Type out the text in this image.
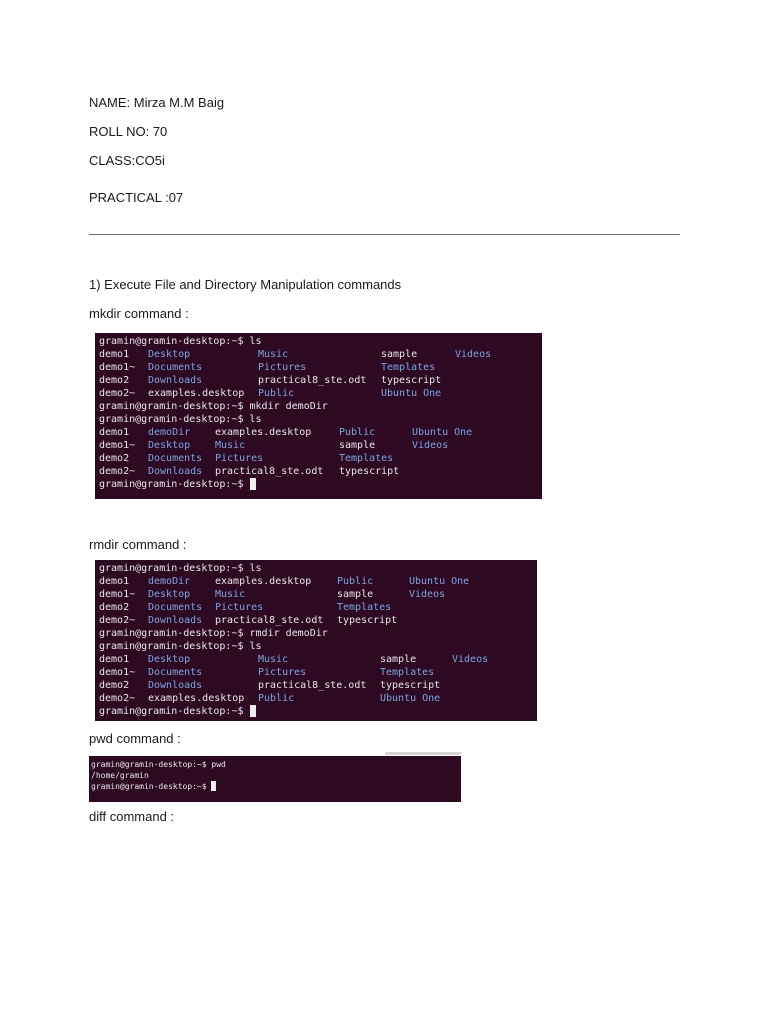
NAME: Mirza M.M Baig

ROLL NO: 70

CLASS:CO5i

PRACTICAL :07

1) Execute File and Directory Manipulation commands

mkdir command :

gramin@gramin-desktop:~$ ls
demo1 Desktop	Music	sample	Videos
demo1~ Documents	Pictures	Templates
demo2 Downloads	practical8_ste.odt typescript
demo2~ examples.desktop Public	Ubuntu One
gramin@gramin-desktop:~$ mkdir demoDir
gramin@gramin-desktop:~$ ls
demo1 demoDir examples.desktop	Public	Ubuntu One
demo1~ Desktop Music	sample	Videos
demo2 Documents Pictures	Templates
demo2~ Downloads practical8_ste.odt typescript
gramin@gramin-desktop:~$

rmdir command :

gramin@gramin-desktop:~$ ls
demo1 demoDir examples.desktop	Public	Ubuntu One
demo1~ Desktop Music	sample	Videos
demo2 Documents Pictures	Templates
demo2~ Downloads practical8_ste.odt typescript
gramin@gramin-desktop:~$ rmdir demoDir
gramin@gramin-desktop:~$ ls
demo1 Desktop	Music	sample	Videos
demo1~ Documents	Pictures	Templates
demo2 Downloads	practical8_ste.odt typescript
demo2~ examples.desktop Public	Ubuntu One
gramin@gramin-desktop:~$

pwd command :

gramin@gramin-desktop:~$ pwd
/home/gramin
gramin@gramin-desktop:~$

diff command :
